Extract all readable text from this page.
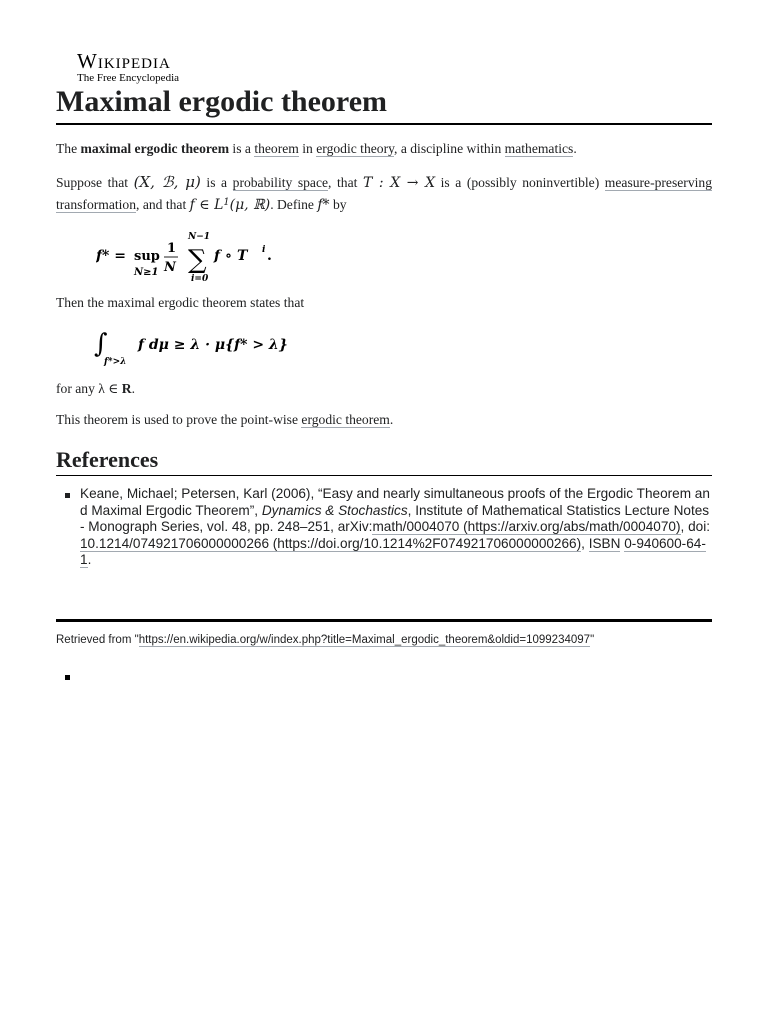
Wikipedia
The Free Encyclopedia
Maximal ergodic theorem

The maximal ergodic theorem is a theorem in ergodic theory, a discipline within mathematics.

Suppose that (X, ℬ, μ) is a probability space, that T : X → X is a (possibly noninvertible) measure-preserving transformation, and that f ∈ $L^1(\mu$, ℝ). Define f* by

f* = sup
N≥1
1
N
N−1
∑
i=0
f ∘ T i .

Then the maximal ergodic theorem states that

∫
f*>λ
f dμ ≥ λ · μ{f* > λ}

for any λ ∈ R.

This theorem is used to prove the point-wise ergodic theorem.

References
Keane, Michael; Petersen, Karl (2006), “Easy and nearly simultaneous proofs of the Ergodic Theorem and Maximal Ergodic Theorem”, Dynamics & Stochastics, Institute of Mathematical Statistics Lecture Notes - Monograph Series, vol. 48, pp. 248–251, arXiv:math/0004070 (https://arxiv.org/abs/math/0004070), doi:10.1214/074921706000000266 (https://doi.org/10.1214%2F074921706000000266), ISBN 0-940600-64-1.
Retrieved from "https://en.wikipedia.org/w/index.php?title=Maximal_ergodic_theorem&oldid=1099234097"
